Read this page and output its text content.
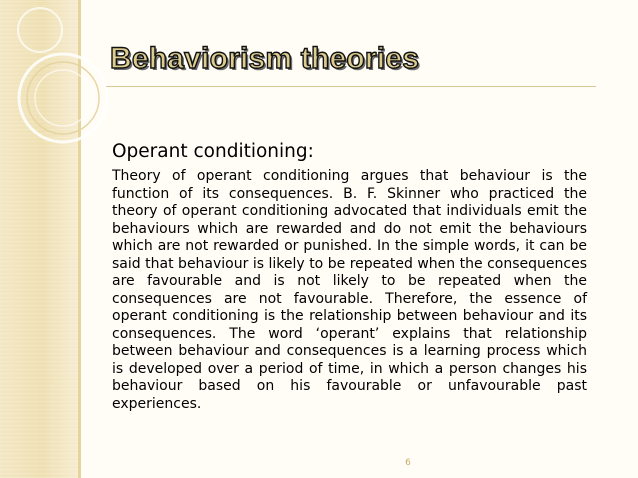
Behaviorism theories
Operant conditioning:

Theory of operant conditioning argues that behaviour is the function of its consequences. B. F. Skinner who practiced the theory of operant conditioning advocated that individuals emit the behaviours which are rewarded and do not emit the behaviours which are not rewarded or punished. In the simple words, it can be said that behaviour is likely to be repeated when the consequences are favourable and is not likely to be repeated when the consequences are not favourable. Therefore, the essence of operant conditioning is the relationship between behaviour and its consequences. The word ‘operant’ explains that relationship between behaviour and consequences is a learning process which is developed over a period of time, in which a person changes his behaviour based on his favourable or unfavourable past experiences.

6
